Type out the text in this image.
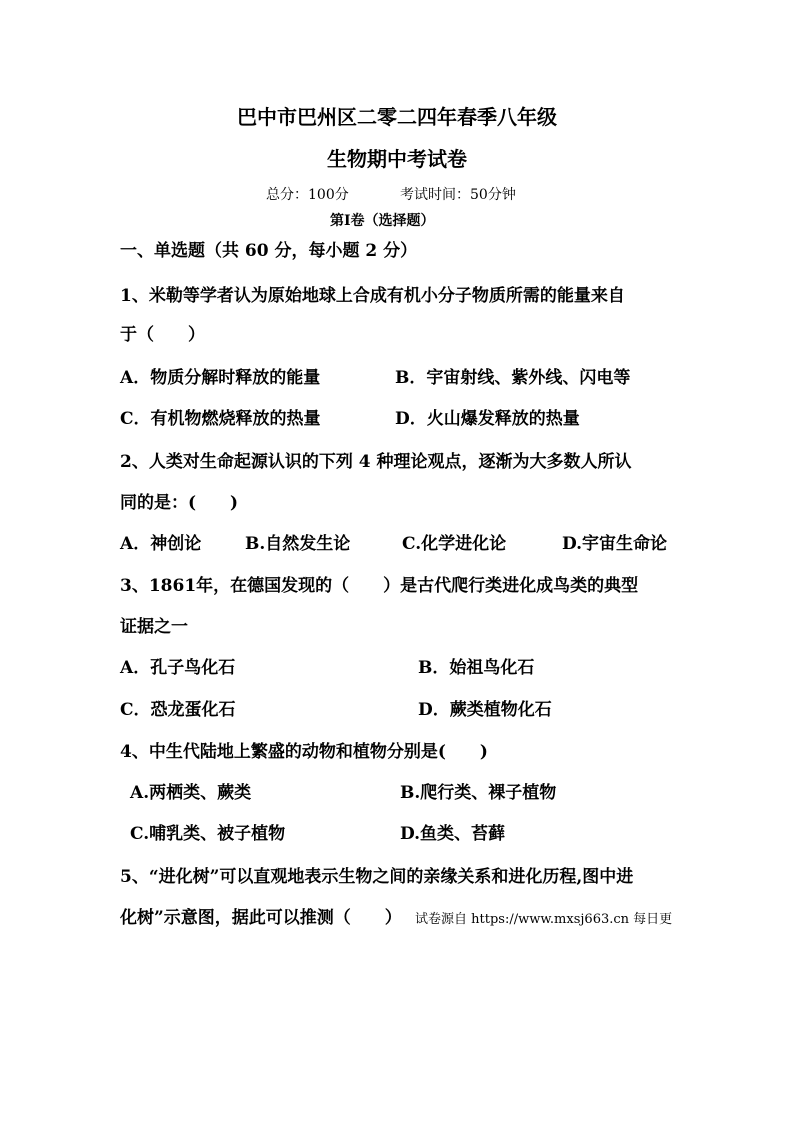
巴中市巴州区二零二四年春季八年级
生物期中考试卷
总分：100分	考试时间：50分钟
第Ⅰ卷（选择题）
一、单选题（共 60 分，每小题 2 分）
1、米勒等学者认为原始地球上合成有机小分子物质所需的能量来自
于（　　）
A．物质分解时释放的能量	B．宇宙射线、紫外线、闪电等
C．有机物燃烧释放的热量	D．火山爆发释放的热量
2、人类对生命起源认识的下列 4 种理论观点，逐渐为大多数人所认
同的是：(　　)
A．神创论	B.自然发生论	C.化学进化论	D.宇宙生命论
3、1861年，在德国发现的（　　）是古代爬行类进化成鸟类的典型
证据之一
A．孔子鸟化石	B．始祖鸟化石
C．恐龙蛋化石	D．蕨类植物化石
4、中生代陆地上繁盛的动物和植物分别是(　　)
A.两栖类、蕨类	B.爬行类、裸子植物
C.哺乳类、被子植物	D.鱼类、苔藓
5、“进化树”可以直观地表示生物之间的亲缘关系和进化历程,图中进
化树”示意图，据此可以推测（　　） 试卷源自 https://www.mxsj663.cn 每日更
